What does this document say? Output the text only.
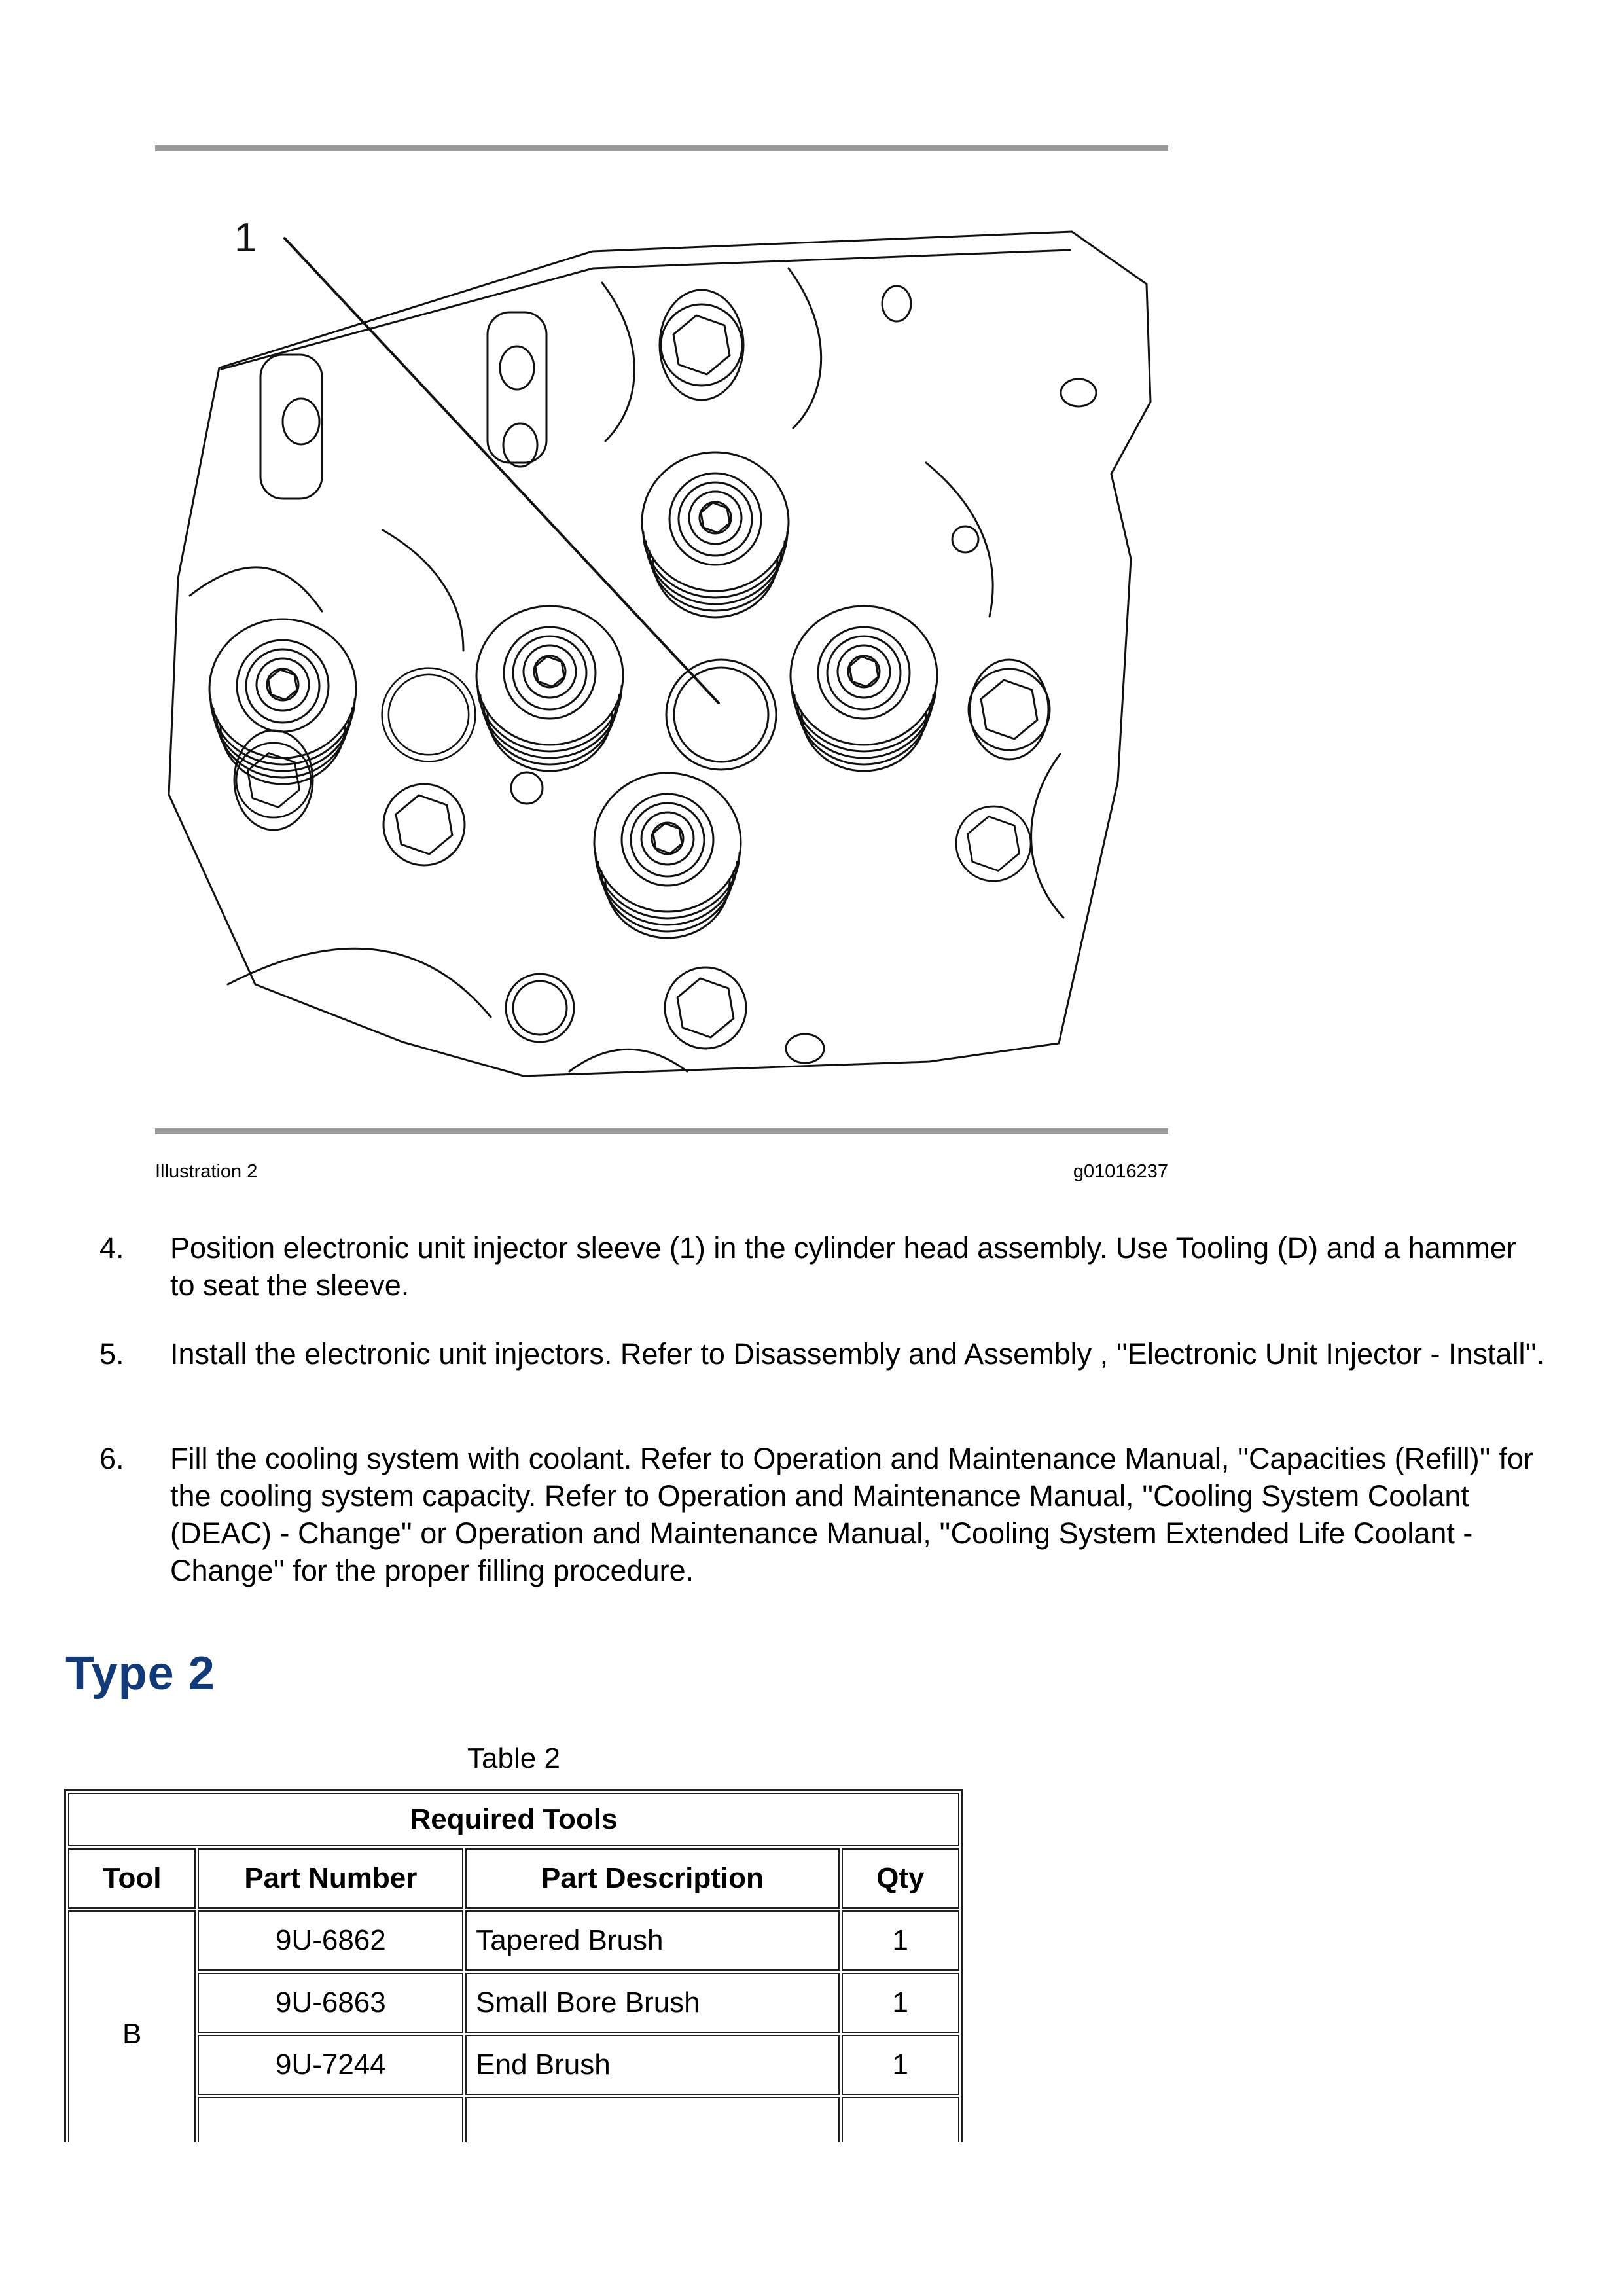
1
Illustration 2	g01016237
4.	Position electronic unit injector sleeve (1) in the cylinder head assembly. Use Tooling (D) and a hammer to seat the sleeve.
5.	Install the electronic unit injectors. Refer to Disassembly and Assembly , ''Electronic Unit Injector - Install''.
6.	Fill the cooling system with coolant. Refer to Operation and Maintenance Manual, ''Capacities (Refill)'' for the cooling system capacity. Refer to Operation and Maintenance Manual, ''Cooling System Coolant (DEAC) - Change'' or Operation and Maintenance Manual, ''Cooling System Extended Life Coolant - Change'' for the proper filling procedure.
Type 2
Table 2
Required Tools			
Tool	Part Number	Part Description	Qty
B	9U-6862	Tapered Brush	1
	9U-6863	Small Bore Brush	1
	9U-7244	End Brush	1
